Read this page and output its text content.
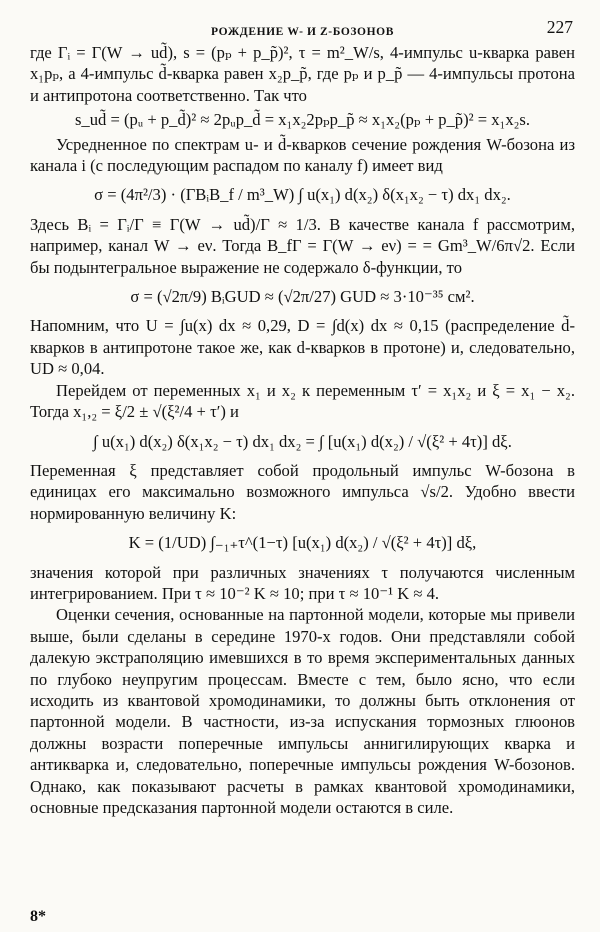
РОЖДЕНИЕ W- И Z-БОЗОНОВ	227

где Γᵢ = Γ(W → ud̃), s = (pₚ + p_p̃)², τ = m²_W/s, 4-импульс u-кварка равен x₁pₚ, а 4-импульс d̃-кварка равен x₂p_p̃, где pₚ и p_p̃ — 4-импульсы протона и антипротона соответственно. Так что

s_ud̃ = (pᵤ + p_d̃)² ≈ 2pᵤp_d̃ = x₁x₂2pₚp_p̃ ≈ x₁x₂(pₚ + p_p̃)² = x₁x₂s.

Усредненное по спектрам u- и d̃-кварков сечение рождения W-бозона из канала i (с последующим распадом по каналу f) имеет вид

σ = (4π²/3) · (ΓBᵢB_f / m³_W) ∫ u(x₁) d(x₂) δ(x₁x₂ − τ) dx₁ dx₂.

Здесь Bᵢ = Γᵢ/Γ ≡ Γ(W → ud̃)/Γ ≈ 1/3. В качестве канала f рассмотрим, например, канал W → eν. Тогда B_fΓ = Γ(W → eν) = = Gm³_W/6π√2. Если бы подынтегральное выражение не содержало δ-функции, то

σ = (√2π/9) BᵢGUD ≈ (√2π/27) GUD ≈ 3·10⁻³⁵ см².

Напомним, что U = ∫u(x) dx ≈ 0,29, D = ∫d(x) dx ≈ 0,15 (распределение d̃-кварков в антипротоне такое же, как d-кварков в протоне) и, следовательно, UD ≈ 0,04.

Перейдем от переменных x₁ и x₂ к переменным τ′ = x₁x₂ и ξ = x₁ − x₂. Тогда x₁,₂ = ξ/2 ± √(ξ²/4 + τ′) и

∫ u(x₁) d(x₂) δ(x₁x₂ − τ) dx₁ dx₂ = ∫ [u(x₁) d(x₂) / √(ξ² + 4τ)] dξ.

Переменная ξ представляет собой продольный импульс W-бозона в единицах его максимально возможного импульса √s/2. Удобно ввести нормированную величину K:

K = (1/UD) ∫₋₁₊τ^(1−τ) [u(x₁) d(x₂) / √(ξ² + 4τ)] dξ,

значения которой при различных значениях τ получаются численным интегрированием. При τ ≈ 10⁻² K ≈ 10; при τ ≈ 10⁻¹ K ≈ 4.

Оценки сечения, основанные на партонной модели, которые мы привели выше, были сделаны в середине 1970-х годов. Они представляли собой далекую экстраполяцию имевшихся в то время экспериментальных данных по глубоко неупругим процессам. Вместе с тем, было ясно, что если исходить из квантовой хромодинамики, то должны быть отклонения от партонной модели. В частности, из-за испускания тормозных глюонов должны возрасти поперечные импульсы аннигилирующих кварка и антикварка и, следовательно, поперечные импульсы рождения W-бозонов. Однако, как показывают расчеты в рамках квантовой хромодинамики, основные предсказания партонной модели остаются в силе.

8*
